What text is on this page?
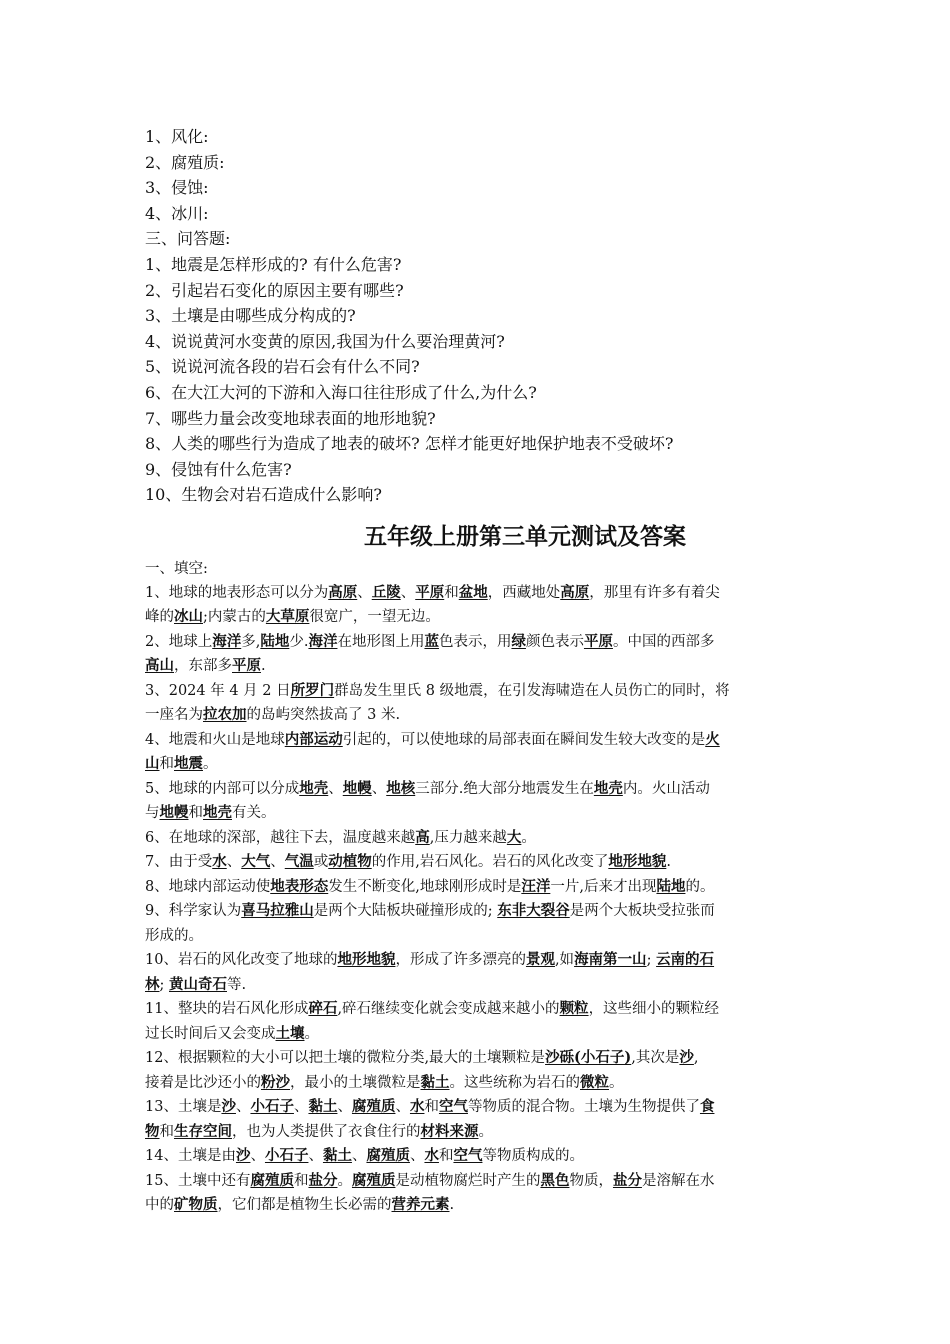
1、风化:
2、腐殖质:
3、侵蚀:
4、冰川:
三、问答题:
1、地震是怎样形成的? 有什么危害?
2、引起岩石变化的原因主要有哪些?
3、土壤是由哪些成分构成的?
4、说说黄河水变黄的原因,我国为什么要治理黄河?
5、说说河流各段的岩石会有什么不同?
6、在大江大河的下游和入海口往往形成了什么,为什么?
7、哪些力量会改变地球表面的地形地貌?
8、人类的哪些行为造成了地表的破坏? 怎样才能更好地保护地表不受破坏?
9、侵蚀有什么危害?
10、生物会对岩石造成什么影响?
五年级上册第三单元测试及答案
一、填空:
1、地球的地表形态可以分为高原、丘陵、平原和盆地，西藏地处高原，那里有许多有着尖
峰的冰山;内蒙古的大草原很宽广，一望无边。
2、地球上海洋多,陆地少.海洋在地形图上用蓝色表示，用绿颜色表示平原。中国的西部多
高山，东部多平原.
3、2024 年 4 月 2 日所罗门群岛发生里氏 8 级地震，在引发海啸造在人员伤亡的同时，将
一座名为拉农加的岛屿突然拔高了 3 米.
4、地震和火山是地球内部运动引起的，可以使地球的局部表面在瞬间发生较大改变的是火
山和地震。
5、地球的内部可以分成地壳、地幔、地核三部分.绝大部分地震发生在地壳内。火山活动
与地幔和地壳有关。
6、在地球的深部，越往下去，温度越来越高,压力越来越大。
7、由于受水、大气、气温或动植物的作用,岩石风化。岩石的风化改变了地形地貌.
8、地球内部运动使地表形态发生不断变化,地球刚形成时是汪洋一片,后来才出现陆地的。
9、科学家认为喜马拉雅山是两个大陆板块碰撞形成的; 东非大裂谷是两个大板块受拉张而
形成的。
10、岩石的风化改变了地球的地形地貌，形成了许多漂亮的景观,如海南第一山; 云南的石
林; 黄山奇石等.
11、整块的岩石风化形成碎石,碎石继续变化就会变成越来越小的颗粒，这些细小的颗粒经
过长时间后又会变成土壤。
12、根据颗粒的大小可以把土壤的微粒分类,最大的土壤颗粒是沙砾(小石子),其次是沙,
接着是比沙还小的粉沙，最小的土壤微粒是黏土。这些统称为岩石的微粒。
13、土壤是沙、小石子、黏土、腐殖质、水和空气等物质的混合物。土壤为生物提供了食
物和生存空间，也为人类提供了衣食住行的材料来源。
14、土壤是由沙、小石子、黏土、腐殖质、水和空气等物质构成的。
15、土壤中还有腐殖质和盐分。腐殖质是动植物腐烂时产生的黑色物质，盐分是溶解在水
中的矿物质，它们都是植物生长必需的营养元素.
